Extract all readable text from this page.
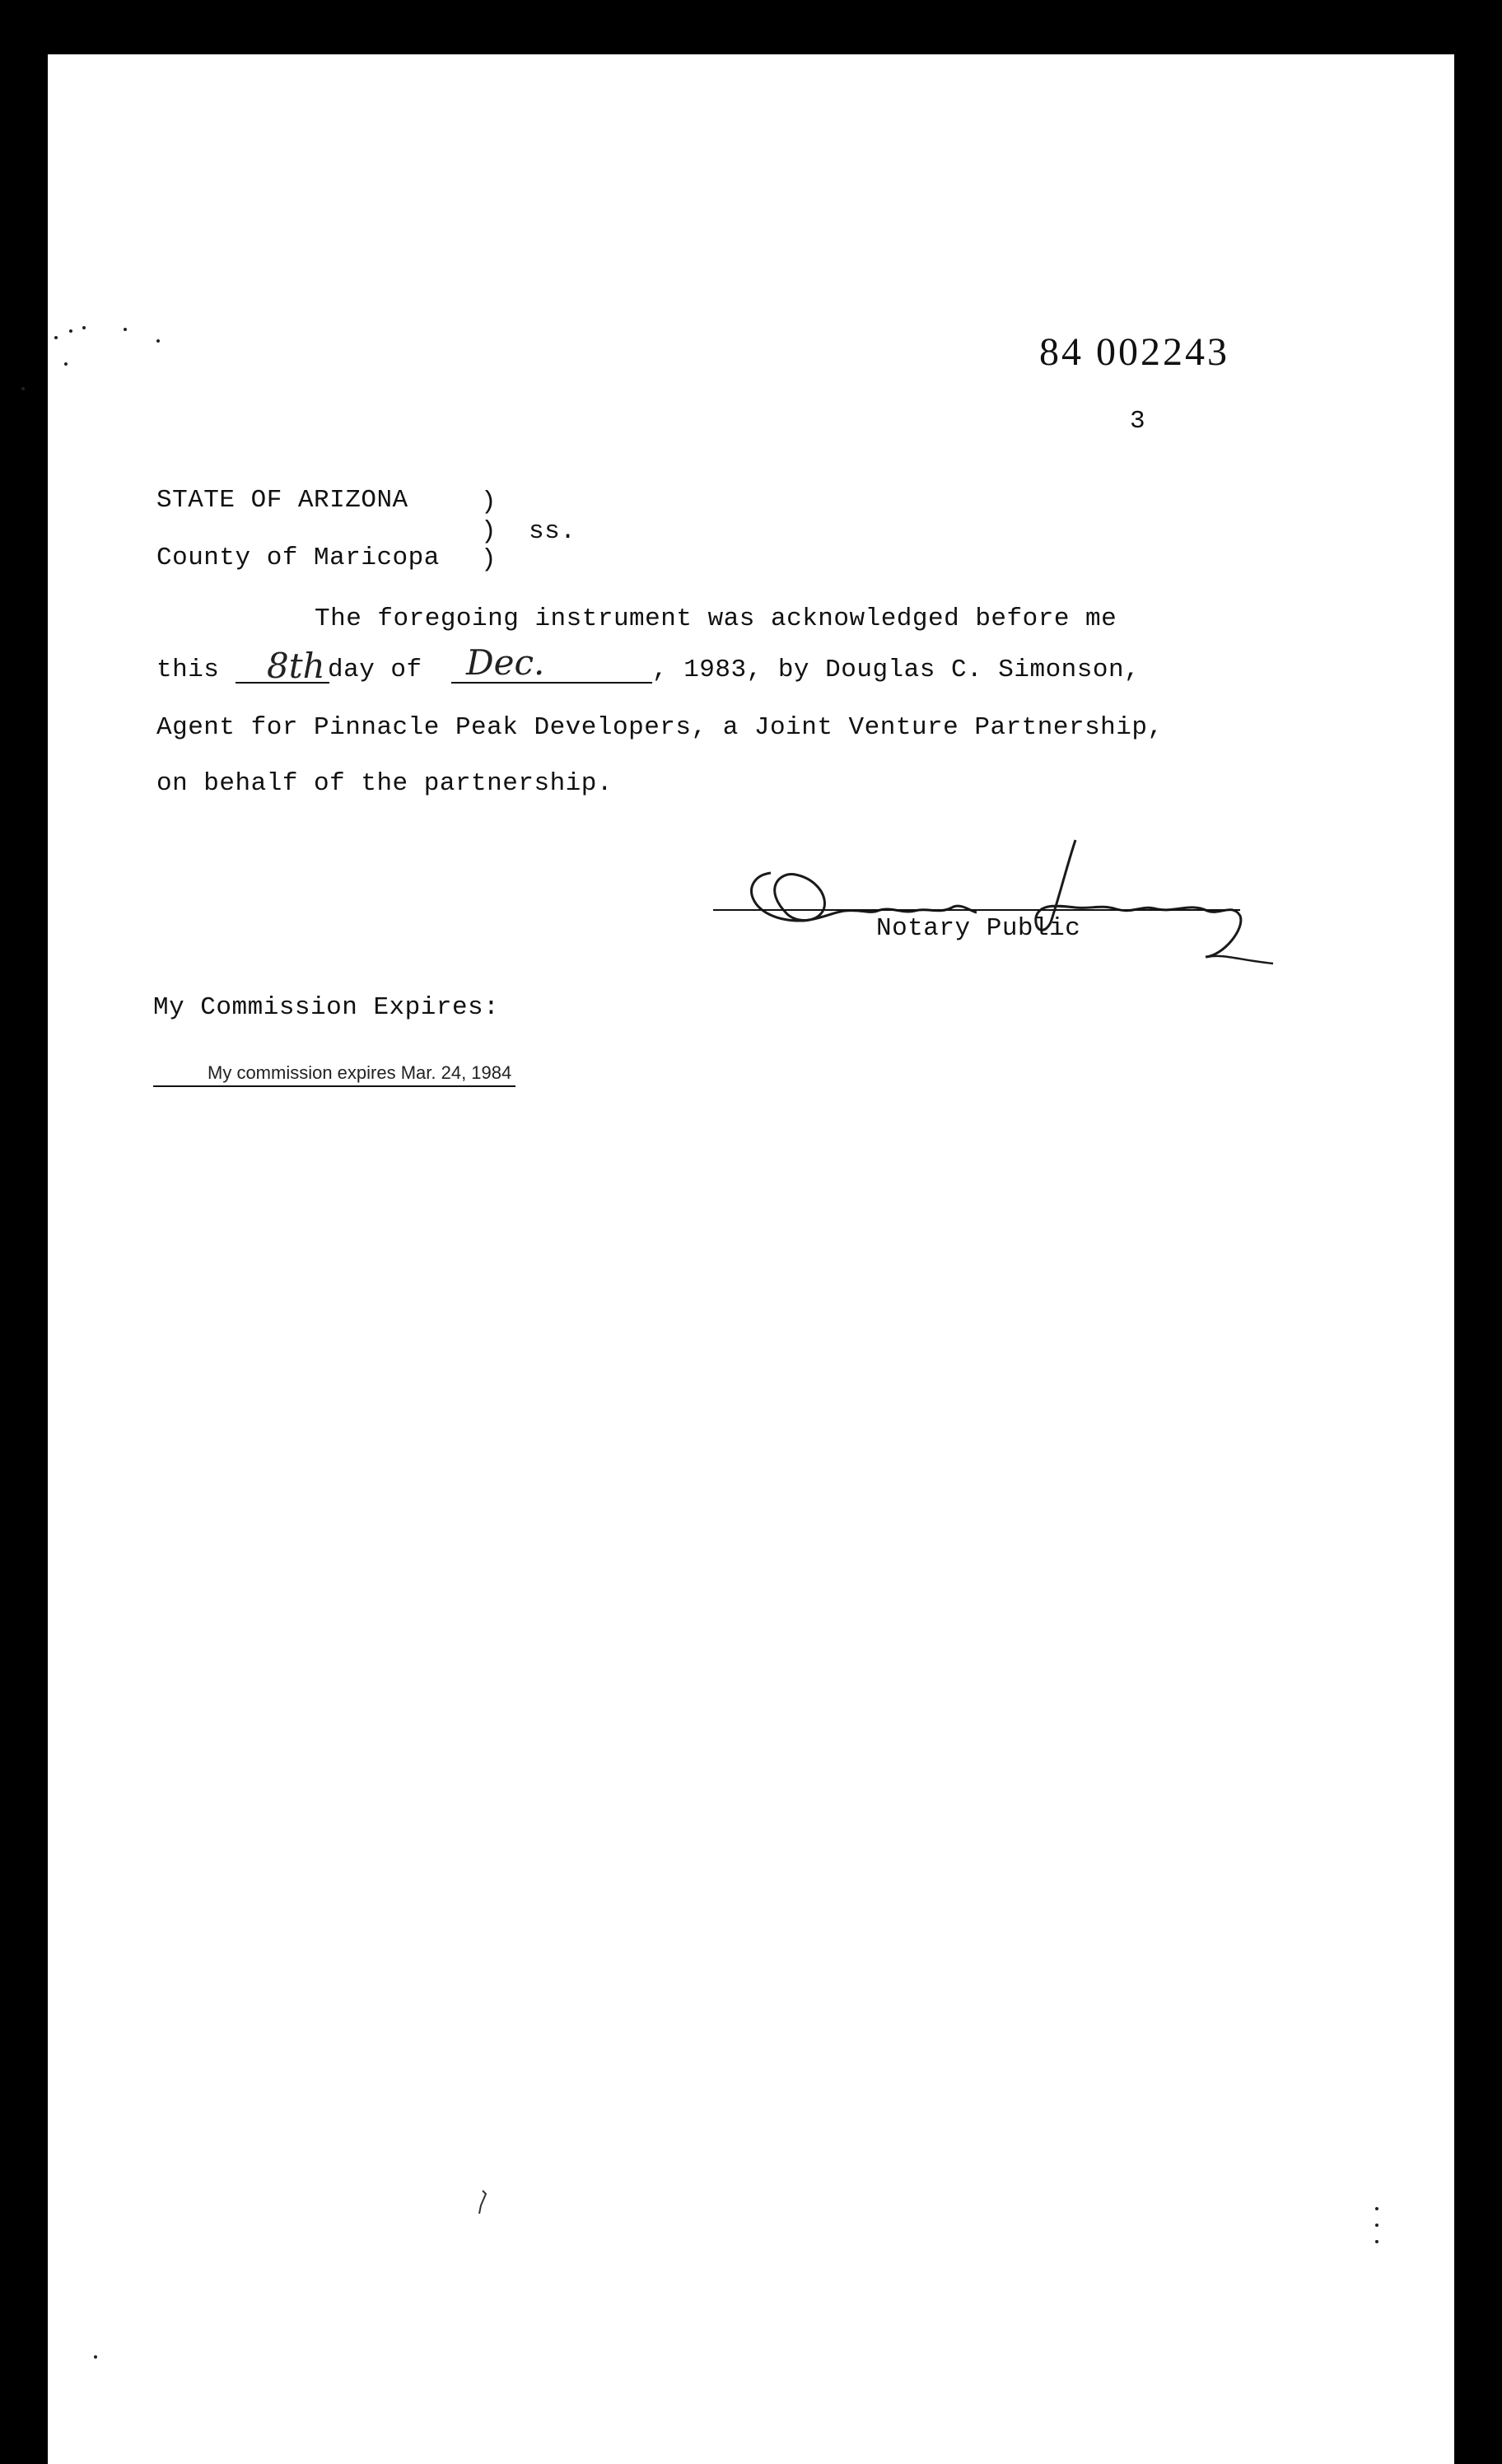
84 002243
3
STATE OF ARIZONA	)
) ss.
County of Maricopa )
The foregoing instrument was acknowledged before me
this 8th day of Dec.	, 1983, by Douglas C. Simonson,
Agent for Pinnacle Peak Developers, a Joint Venture Partnership,
on behalf of the partnership.
Notary Public
My Commission Expires:
My commission expires Mar. 24, 1984
